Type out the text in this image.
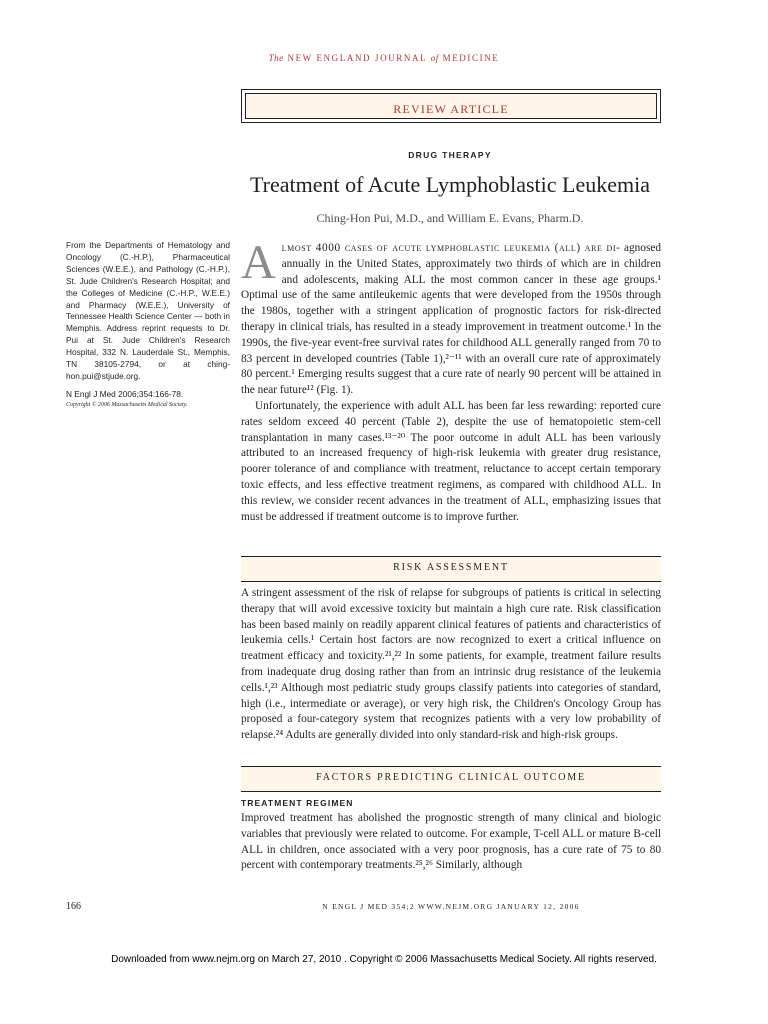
The NEW ENGLAND JOURNAL of MEDICINE
REVIEW ARTICLE
DRUG THERAPY
Treatment of Acute Lymphoblastic Leukemia
Ching-Hon Pui, M.D., and William E. Evans, Pharm.D.
From the Departments of Hematology and Oncology (C.-H.P.), Pharmaceutical Sciences (W.E.E.), and Pathology (C.-H.P.), St. Jude Children's Research Hospital; and the Colleges of Medicine (C.-H.P., W.E.E.) and Pharmacy (W.E.E.), University of Tennessee Health Science Center — both in Memphis. Address reprint requests to Dr. Pui at St. Jude Children's Research Hospital, 332 N. Lauderdale St., Memphis, TN 38105-2794, or at ching-hon.pui@stjude.org.
N Engl J Med 2006;354:166-78.
Copyright © 2006 Massachusetts Medical Society.

Almost 4000 cases of acute lymphoblastic leukemia (all) are di- agnosed annually in the United States, approximately two thirds of which are in children and adolescents, making ALL the most common cancer in these age groups.¹ Optimal use of the same antileukemic agents that were developed from the 1950s through the 1980s, together with a stringent application of prognostic factors for risk-directed therapy in clinical trials, has resulted in a steady improvement in treatment outcome.¹ In the 1990s, the five-year event-free survival rates for childhood ALL generally ranged from 70 to 83 percent in developed countries (Table 1),²⁻¹¹ with an overall cure rate of approximately 80 percent.¹ Emerging results suggest that a cure rate of nearly 90 percent will be attained in the near future¹² (Fig. 1).

Unfortunately, the experience with adult ALL has been far less rewarding: reported cure rates seldom exceed 40 percent (Table 2), despite the use of hematopoietic stem-cell transplantation in many cases.¹³⁻²⁰ The poor outcome in adult ALL has been variously attributed to an increased frequency of high-risk leukemia with greater drug resistance, poorer tolerance of and compliance with treatment, reluctance to accept certain temporary toxic effects, and less effective treatment regimens, as compared with childhood ALL. In this review, we consider recent advances in the treatment of ALL, emphasizing issues that must be addressed if treatment outcome is to improve further.

RISK ASSESSMENT

A stringent assessment of the risk of relapse for subgroups of patients is critical in selecting therapy that will avoid excessive toxicity but maintain a high cure rate. Risk classification has been based mainly on readily apparent clinical features of patients and characteristics of leukemia cells.¹ Certain host factors are now recognized to exert a critical influence on treatment efficacy and toxicity.²¹,²² In some patients, for example, treatment failure results from inadequate drug dosing rather than from an intrinsic drug resistance of the leukemia cells.¹,²³ Although most pediatric study groups classify patients into categories of standard, high (i.e., intermediate or average), or very high risk, the Children's Oncology Group has proposed a four-category system that recognizes patients with a very low probability of relapse.²⁴ Adults are generally divided into only standard-risk and high-risk groups.

FACTORS PREDICTING CLINICAL OUTCOME
TREATMENT REGIMEN

Improved treatment has abolished the prognostic strength of many clinical and biologic variables that previously were related to outcome. For example, T-cell ALL or mature B-cell ALL in children, once associated with a very poor prognosis, has a cure rate of 75 to 80 percent with contemporary treatments.²⁵,²⁶ Similarly, although

166	N ENGL J MED 354;2 WWW.NEJM.ORG JANUARY 12, 2006
Downloaded from www.nejm.org on March 27, 2010 . Copyright © 2006 Massachusetts Medical Society. All rights reserved.
